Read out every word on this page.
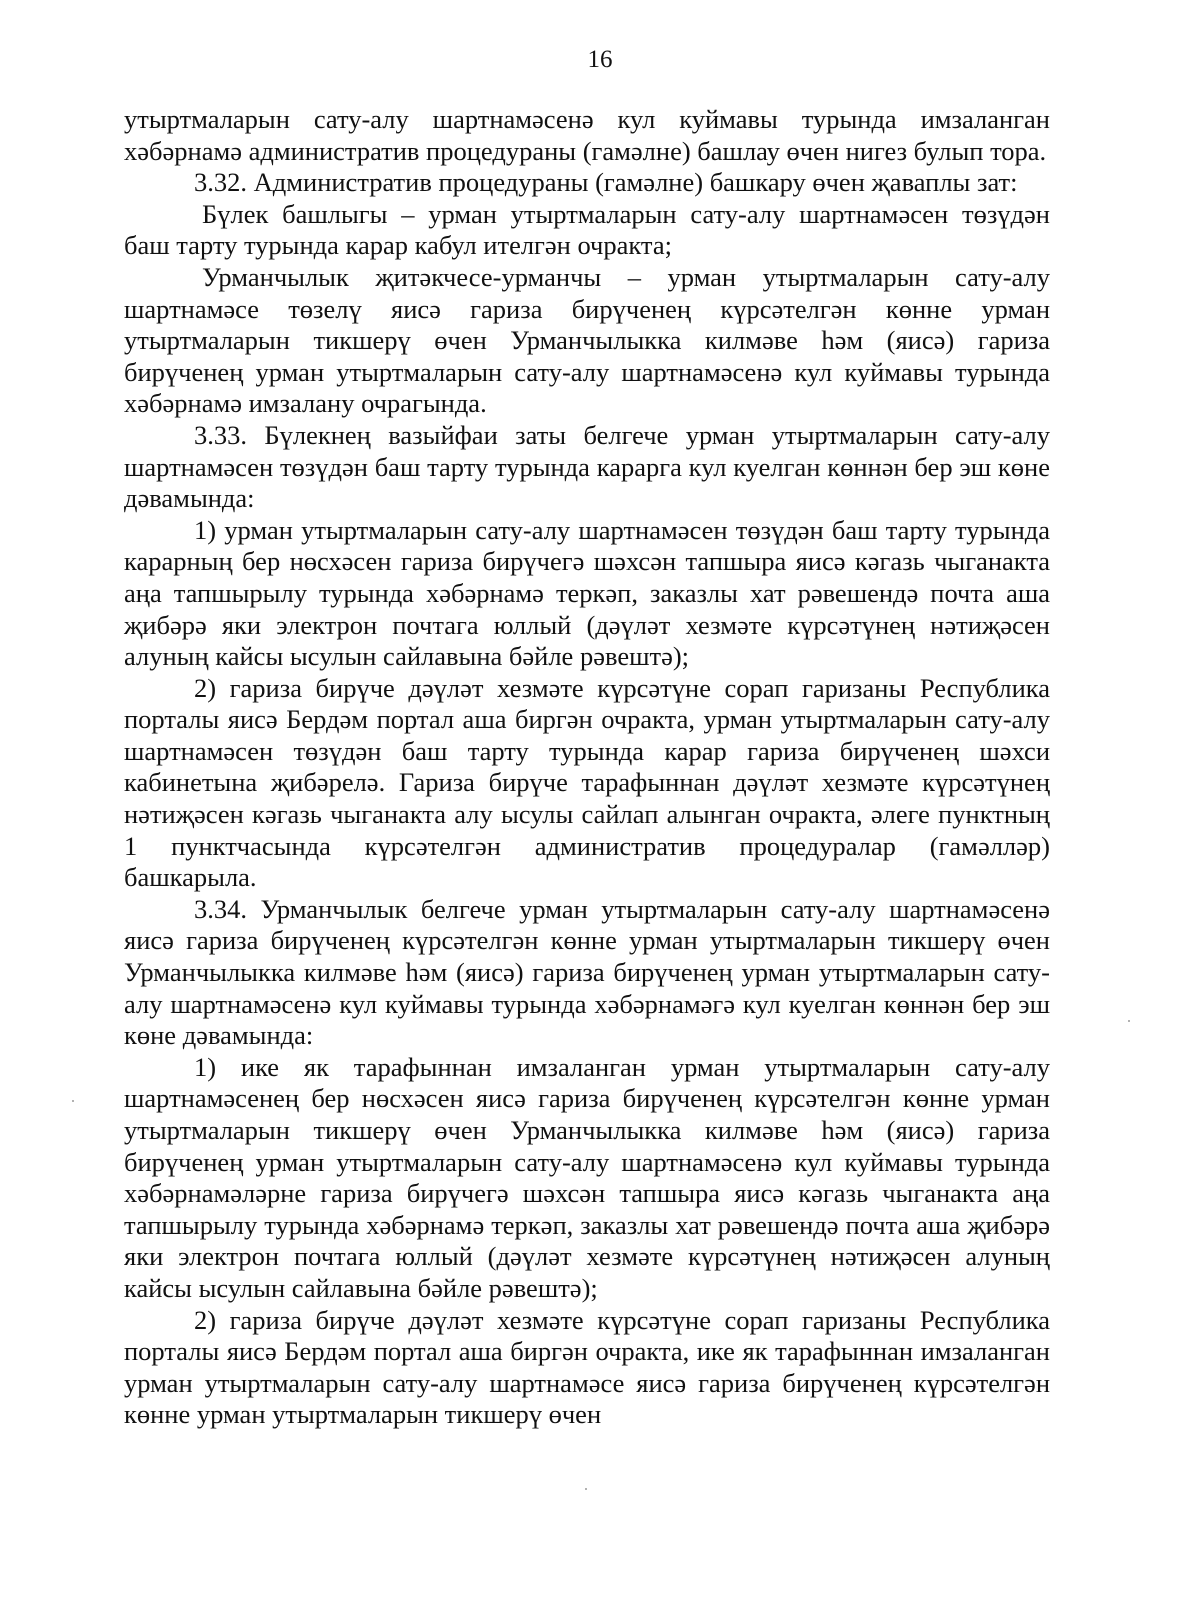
16

утыртмаларын сату-алу шартнамәсенә кул куймавы турында имзаланган хәбәрнамә административ процедураны (гамәлне) башлау өчен нигез булып тора.

3.32. Административ процедураны (гамәлне) башкару өчен җаваплы зат:

Бүлек башлыгы – урман утыртмаларын сату-алу шартнамәсен төзүдән баш тарту турында карар кабул ителгән очракта;

Урманчылык җитәкчесе-урманчы – урман утыртмаларын сату-алу шартнамәсе төзелү яисә гариза бирүченең күрсәтелгән көнне урман утыртмаларын тикшерү өчен Урманчылыкка килмәве һәм (яисә) гариза бирүченең урман утыртмаларын сату-алу шартнамәсенә кул куймавы турында хәбәрнамә имзалану очрагында.

3.33. Бүлекнең вазыйфаи заты белгече урман утыртмаларын сату-алу шартнамәсен төзүдән баш тарту турында карарга кул куелган көннән бер эш көне дәвамында:

1) урман утыртмаларын сату-алу шартнамәсен төзүдән баш тарту турында карарның бер нөсхәсен гариза бирүчегә шәхсән тапшыра яисә кәгазь чыганакта аңа тапшырылу турында хәбәрнамә теркәп, заказлы хат рәвешендә почта аша җибәрә яки электрон почтага юллый (дәүләт хезмәте күрсәтүнең нәтиҗәсен алуның кайсы ысулын сайлавына бәйле рәвештә);

2) гариза бирүче дәүләт хезмәте күрсәтүне сорап гаризаны Республика порталы яисә Бердәм портал аша биргән очракта, урман утыртмаларын сату-алу шартнамәсен төзүдән баш тарту турында карар гариза бирүченең шәхси кабинетына җибәрелә. Гариза бирүче тарафыннан дәүләт хезмәте күрсәтүнең нәтиҗәсен кәгазь чыганакта алу ысулы сайлап алынган очракта, әлеге пунктның 1 пунктчасында күрсәтелгән административ процедуралар (гамәлләр) башкарыла.

3.34. Урманчылык белгече урман утыртмаларын сату-алу шартнамәсенә яисә гариза бирүченең күрсәтелгән көнне урман утыртмаларын тикшерү өчен Урманчылыкка килмәве һәм (яисә) гариза бирүченең урман утыртмаларын сату-алу шартнамәсенә кул куймавы турында хәбәрнамәгә кул куелган көннән бер эш көне дәвамында:

1) ике як тарафыннан имзаланган урман утыртмаларын сату-алу шартнамәсенең бер нөсхәсен яисә гариза бирүченең күрсәтелгән көнне урман утыртмаларын тикшерү өчен Урманчылыкка килмәве һәм (яисә) гариза бирүченең урман утыртмаларын сату-алу шартнамәсенә кул куймавы турында хәбәрнамәләрне гариза бирүчегә шәхсән тапшыра яисә кәгазь чыганакта аңа тапшырылу турында хәбәрнамә теркәп, заказлы хат рәвешендә почта аша җибәрә яки электрон почтага юллый (дәүләт хезмәте күрсәтүнең нәтиҗәсен алуның кайсы ысулын сайлавына бәйле рәвештә);

2) гариза бирүче дәүләт хезмәте күрсәтүне сорап гаризаны Республика порталы яисә Бердәм портал аша биргән очракта, ике як тарафыннан имзаланган урман утыртмаларын сату-алу шартнамәсе яисә гариза бирүченең күрсәтелгән көнне урман утыртмаларын тикшерү өчен
